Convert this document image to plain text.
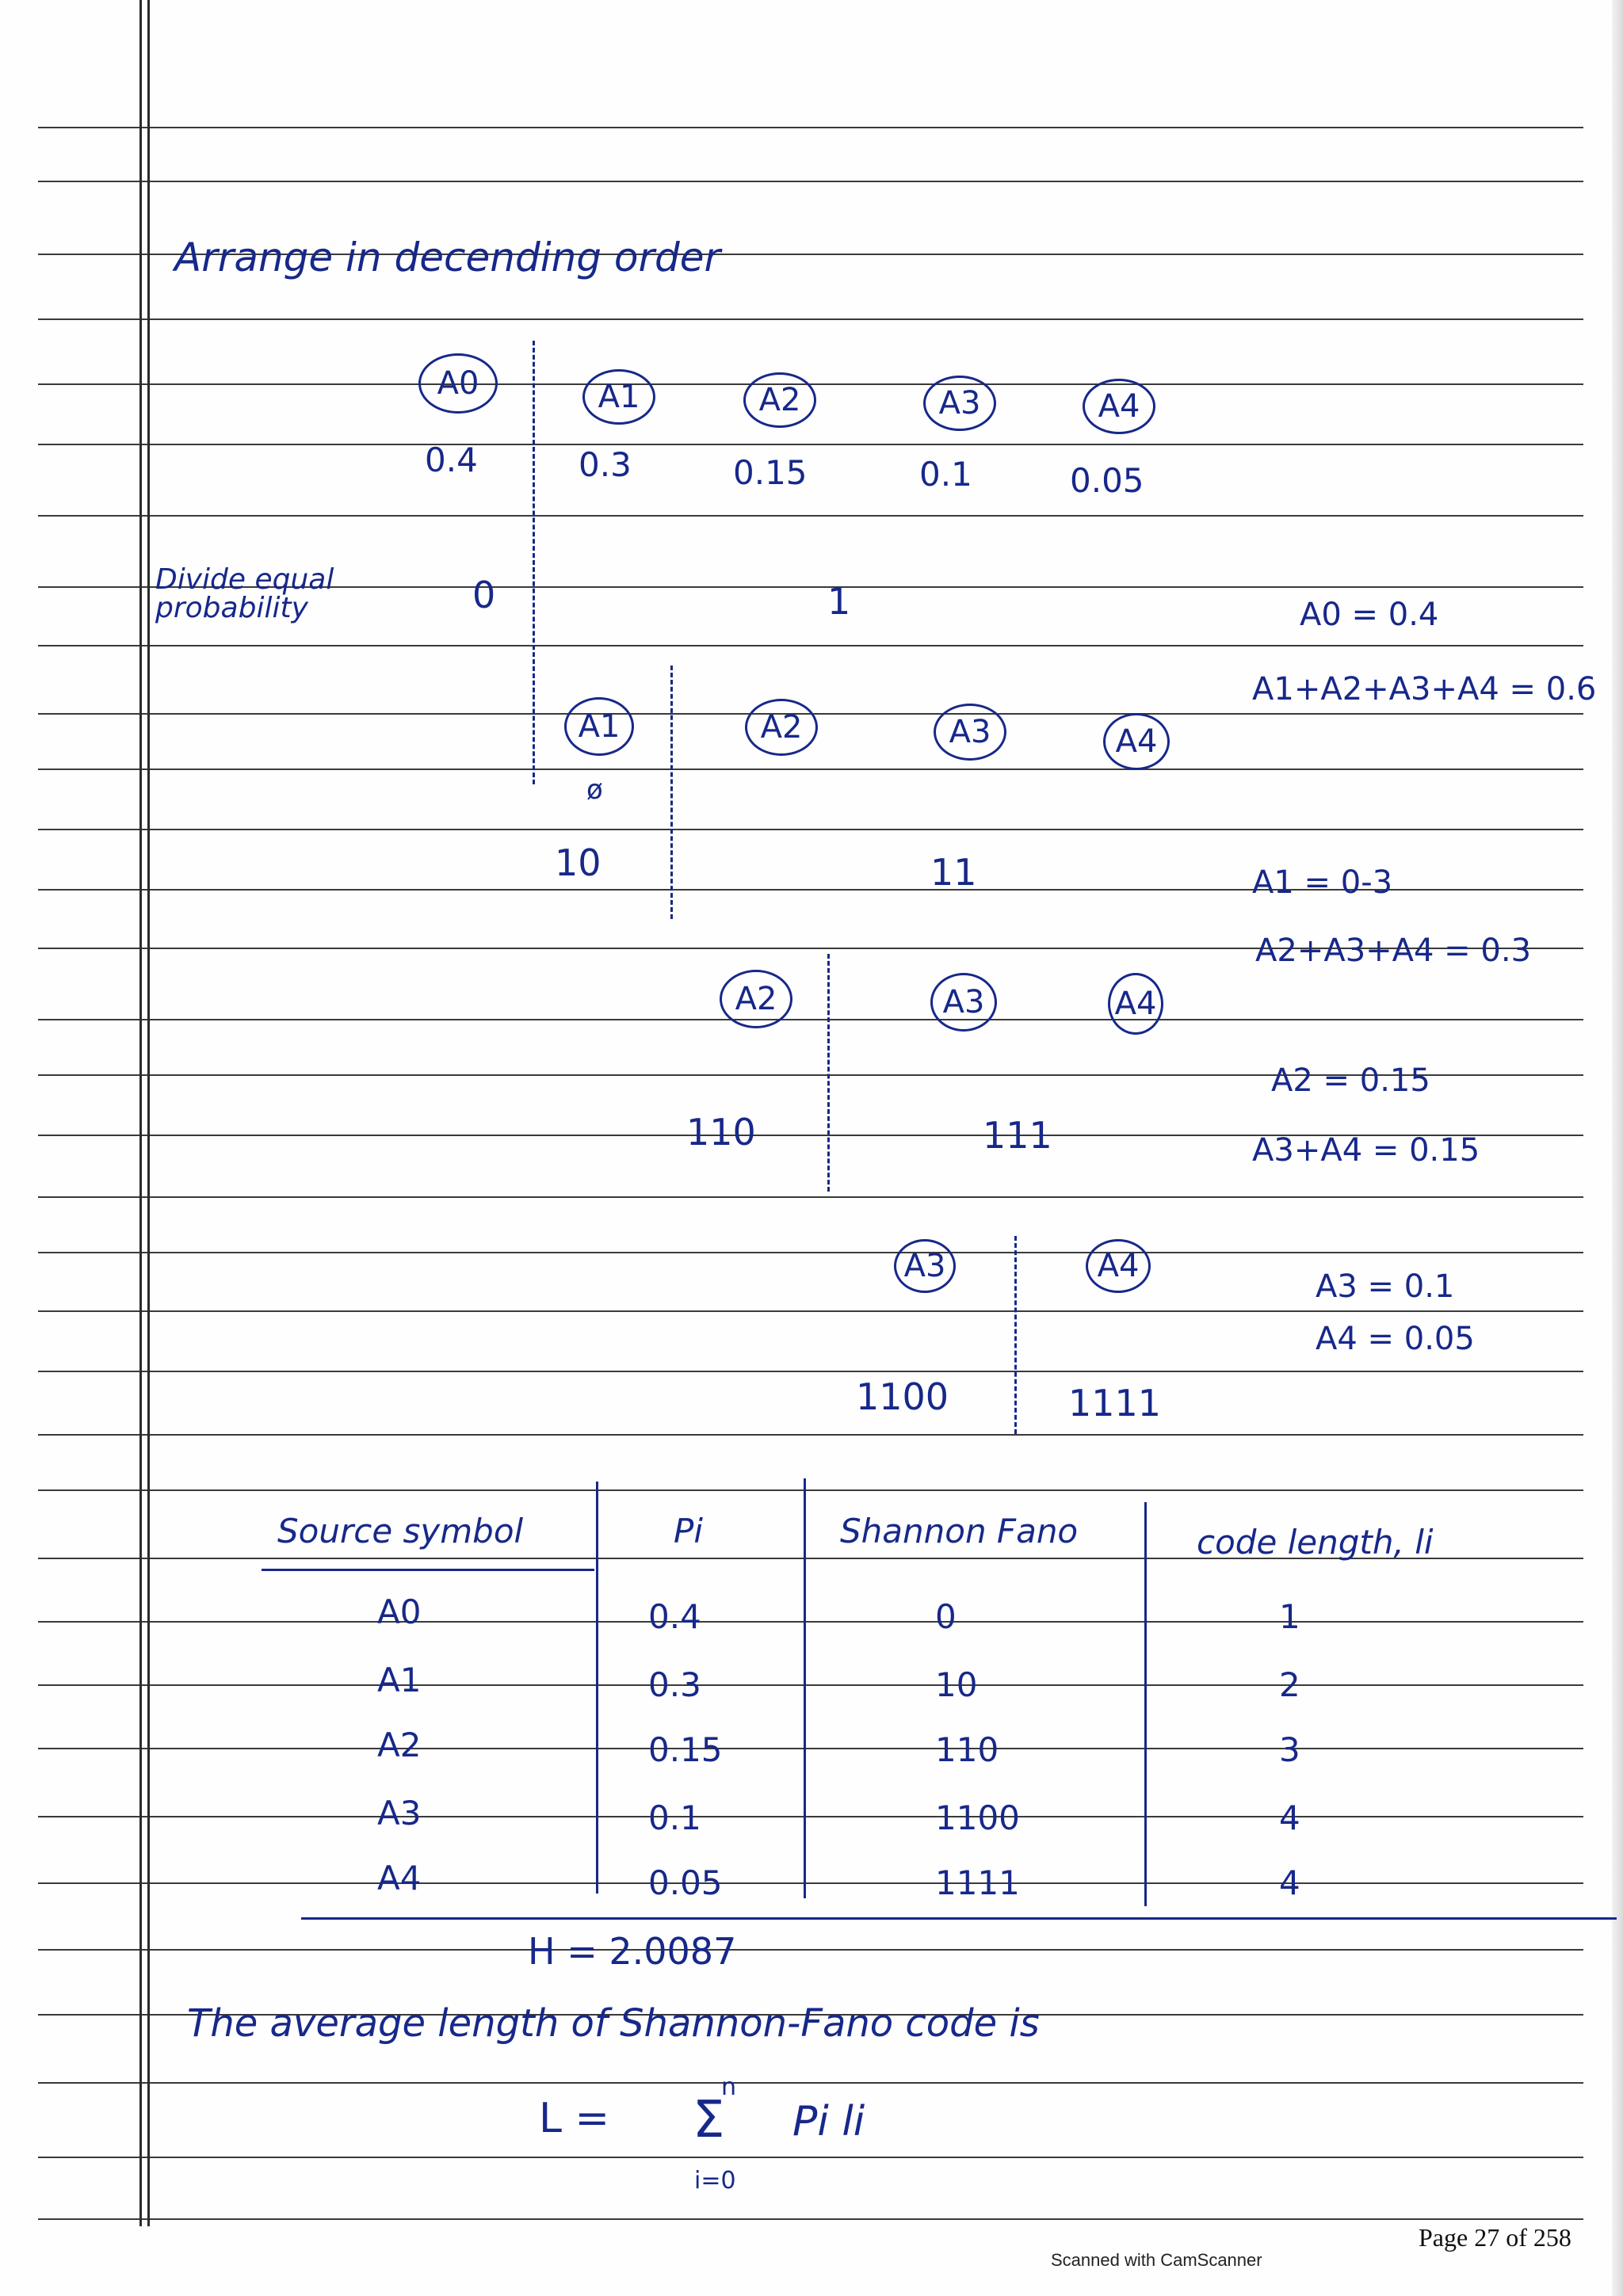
Arrange in decending order
A0	A1	A2	A3	A4
0.4	0.3	0.15	0.1	0.05
Divide equal probability	0	1	A0 = 0.4
A1+A2+A3+A4 = 0.6
A1	A2	A3	A4
ø
10	11	A1 = 0-3
A2+A3+A4 = 0.3
A2	A3	A4
110	111
A2 = 0.15
A3+A4 = 0.15
A3	A4
1100	1111
A3 = 0.1
A4 = 0.05
Source symbol	Pi	Shannon Fano	code length, li
A0	0.4	0	1
A1	0.3	10	2
A2	0.15	110	3
A3	0.1	1100	4
A4	0.05	1111	4
H = 2.0087
The average length of Shannon-Fano code is
L =
n
Σ
i=0
Pi li
Scanned with CamScanner
Page 27 of 258
